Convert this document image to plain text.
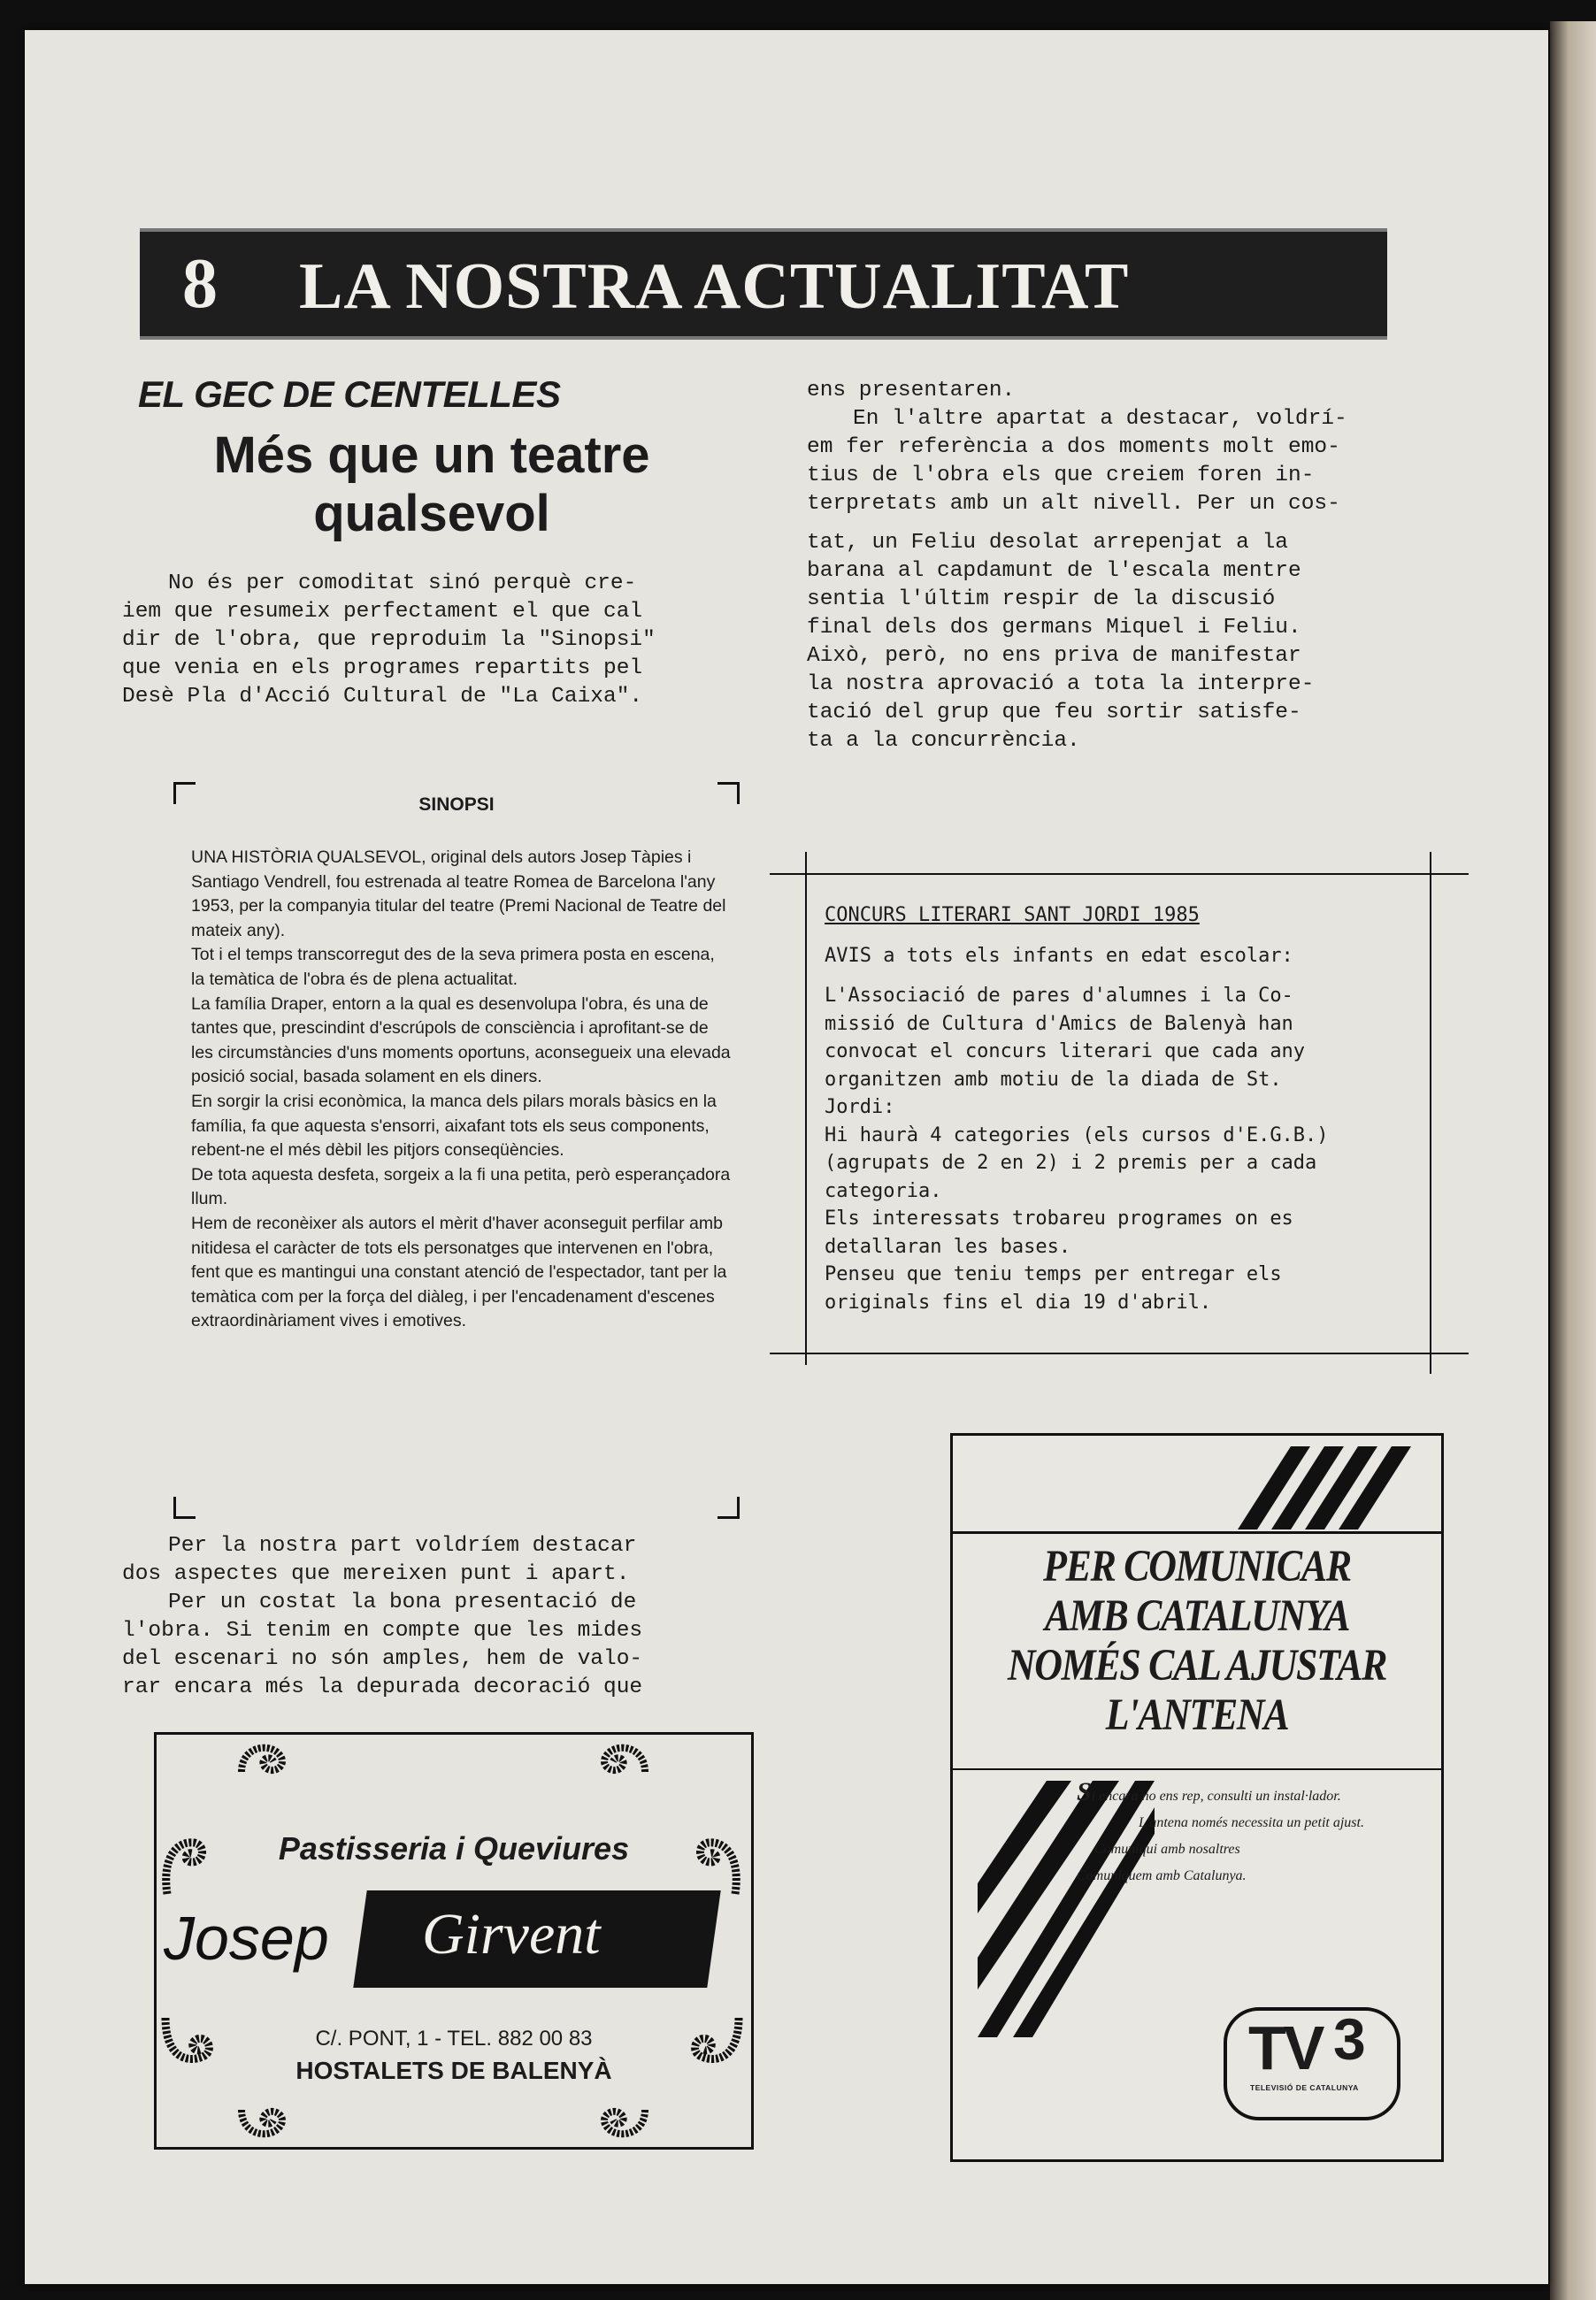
8 LA NOSTRA ACTUALITAT
EL GEC DE CENTELLES
Més que un teatre
qualsevol

No és per comoditat sinó perquè cre-

iem que resumeix perfectament el que cal

dir de l'obra, que reproduim la "Sinopsi"

que venia en els programes repartits pel

Desè Pla d'Acció Cultural de "La Caixa".

SINOPSI

UNA HISTÒRIA QUALSEVOL, original dels autors Josep Tàpies i Santiago Vendrell, fou estrenada al teatre Romea de Barcelona l'any 1953, per la companyia titular del teatre (Premi Nacional de Teatre del mateix any).

Tot i el temps transcorregut des de la seva primera posta en escena, la temàtica de l'obra és de plena actualitat.

La família Draper, entorn a la qual es desenvolupa l'obra, és una de tantes que, prescindint d'escrúpols de consciència i aprofitant-se de les circumstàncies d'uns moments oportuns, aconsegueix una elevada posició social, basada solament en els diners.

En sorgir la crisi econòmica, la manca dels pilars morals bàsics en la família, fa que aquesta s'ensorri, aixafant tots els seus components, rebent-ne el més dèbil les pitjors conseqüències.

De tota aquesta desfeta, sorgeix a la fi una petita, però esperançadora llum.

Hem de reconèixer als autors el mèrit d'haver aconseguit perfilar amb nitidesa el caràcter de tots els personatges que intervenen en l'obra, fent que es mantingui una constant atenció de l'espectador, tant per la temàtica com per la força del diàleg, i per l'encadenament d'escenes extraordinàriament vives i emotives.

Per la nostra part voldríem destacar

dos aspectes que mereixen punt i apart.

Per un costat la bona presentació de

l'obra. Si tenim en compte que les mides

del escenari no són amples, hem de valo-

rar encara més la depurada decoració que

ens presentaren.

En l'altre apartat a destacar, voldrí-

em fer referència a dos moments molt emo-

tius de l'obra els que creiem foren in-

terpretats amb un alt nivell. Per un cos-

tat, un Feliu desolat arrepenjat a la

barana al capdamunt de l'escala mentre

sentia l'últim respir de la discusió

final dels dos germans Miquel i Feliu.

Això, però, no ens priva de manifestar

la nostra aprovació a tota la interpre-

tació del grup que feu sortir satisfe-

ta a la concurrència.

CONCURS LITERARI SANT JORDI 1985

AVIS a tots els infants en edat escolar:

L'Associació de pares d'alumnes i la Co-

missió de Cultura d'Amics de Balenyà han

convocat el concurs literari que cada any

organitzen amb motiu de la diada de St.

Jordi:

Hi haurà 4 categories (els cursos d'E.G.B.)

(agrupats de 2 en 2) i 2 premis per a cada

categoria.

Els interessats trobareu programes on es

detallaran les bases.

Penseu que teniu temps per entregar els

originals fins el dia 19 d'abril.

Pastisseria i Queviures
Josep Girvent
C/. PONT, 1 - TEL. 882 00 83
HOSTALETS DE BALENYÀ
PER COMUNICAR
AMB CATALUNYA
NOMÉS CAL AJUSTAR
L'ANTENA

Si encara no ens rep, consulti un instal·lador.

L'antena només necessita un petit ajust.

Comuniqui amb nosaltres

Comuniquem amb Catalunya.

TV 3
TELEVISIÓ DE CATALUNYA
